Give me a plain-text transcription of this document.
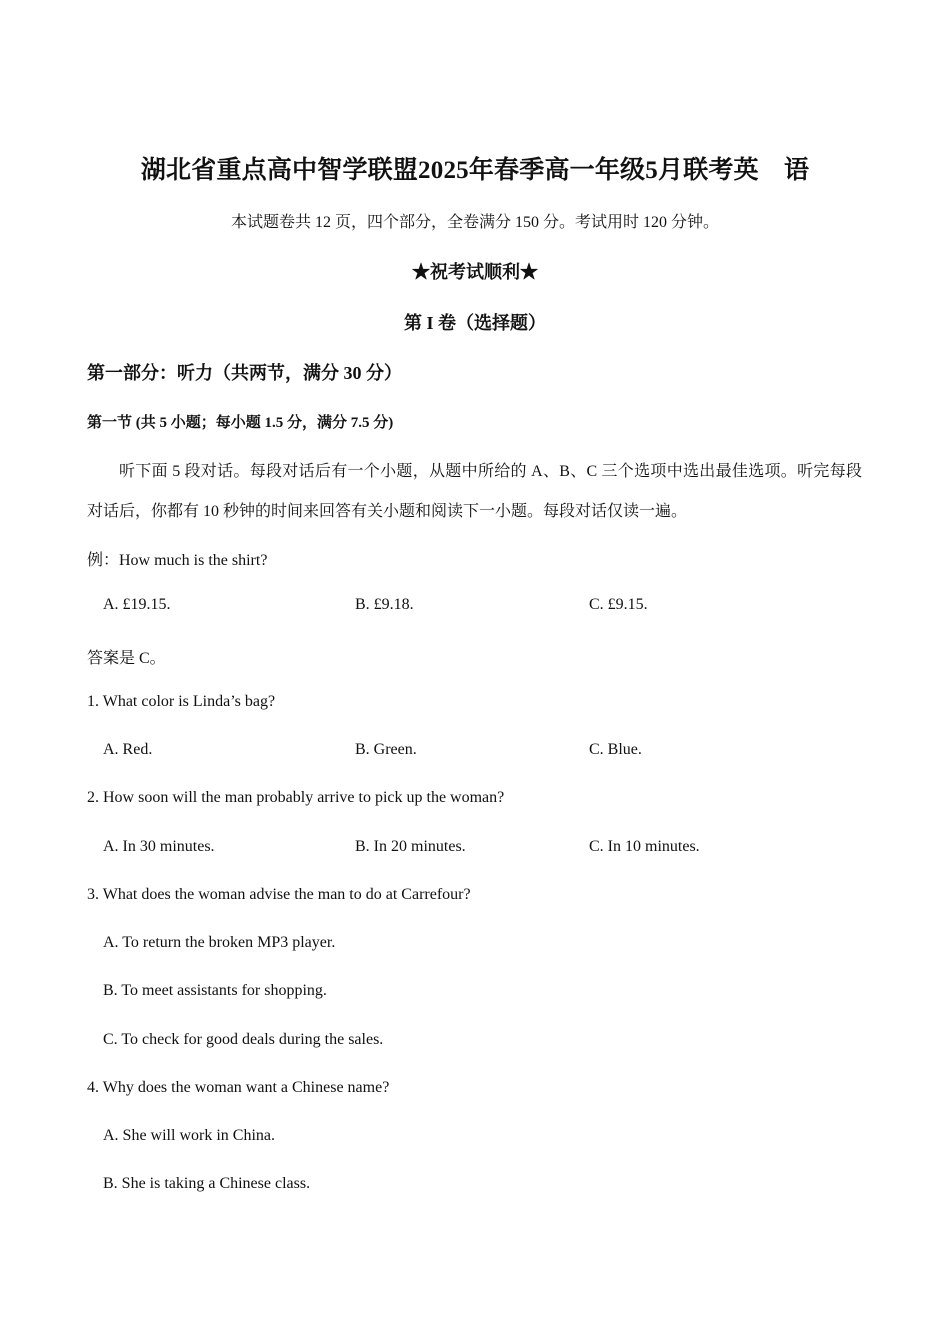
湖北省重点高中智学联盟2025年春季高一年级5月联考英　语
本试题卷共 12 页，四个部分，全卷满分 150 分。考试用时 120 分钟。
★祝考试顺利★
第 I 卷（选择题）
第一部分：听力（共两节，满分 30 分）
第一节 (共 5 小题；每小题 1.5 分，满分 7.5 分)
听下面 5 段对话。每段对话后有一个小题，从题中所给的 A、B、C 三个选项中选出最佳选项。听完每段对话后，你都有 10 秒钟的时间来回答有关小题和阅读下一小题。每段对话仅读一遍。
例：How much is the shirt?
A. £19.15.	B. £9.18.	C. £9.15.
答案是 C。
1. What color is Linda’s bag?
A. Red.	B. Green.	C. Blue.
2. How soon will the man probably arrive to pick up the woman?
A. In 30 minutes.	B. In 20 minutes.	C. In 10 minutes.
3. What does the woman advise the man to do at Carrefour?
A. To return the broken MP3 player.
B. To meet assistants for shopping.
C. To check for good deals during the sales.
4. Why does the woman want a Chinese name?
A. She will work in China.
B. She is taking a Chinese class.
